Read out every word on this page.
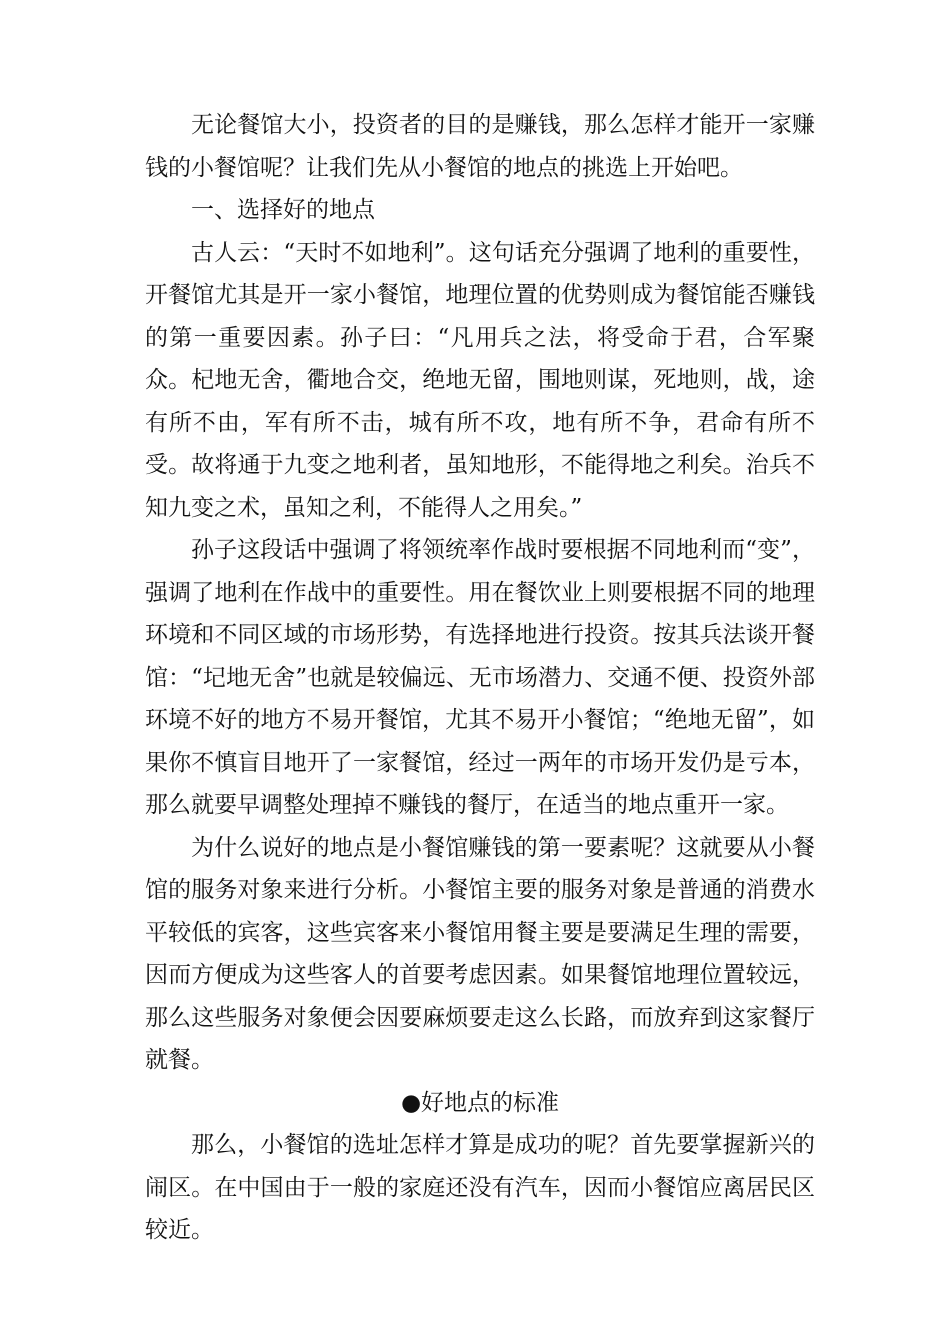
无论餐馆大小，投资者的目的是赚钱，那么怎样才能开一家赚钱的小餐馆呢？让我们先从小餐馆的地点的挑选上开始吧。

一、选择好的地点

古人云：“天时不如地利”。这句话充分强调了地利的重要性，开餐馆尤其是开一家小餐馆，地理位置的优势则成为餐馆能否赚钱的第一重要因素。孙子曰：“凡用兵之法，将受命于君，合军聚众。杞地无舍，衢地合交，绝地无留，围地则谋，死地则，战，途有所不由，军有所不击，城有所不攻，地有所不争，君命有所不受。故将通于九变之地利者，虽知地形，不能得地之利矣。治兵不知九变之术，虽知之利，不能得人之用矣。”

孙子这段话中强调了将领统率作战时要根据不同地利而“变”，强调了地利在作战中的重要性。用在餐饮业上则要根据不同的地理环境和不同区域的市场形势，有选择地进行投资。按其兵法谈开餐馆：“圮地无舍”也就是较偏远、无市场潜力、交通不便、投资外部环境不好的地方不易开餐馆，尤其不易开小餐馆；“绝地无留”，如果你不慎盲目地开了一家餐馆，经过一两年的市场开发仍是亏本，那么就要早调整处理掉不赚钱的餐厅，在适当的地点重开一家。

为什么说好的地点是小餐馆赚钱的第一要素呢？这就要从小餐馆的服务对象来进行分析。小餐馆主要的服务对象是普通的消费水平较低的宾客，这些宾客来小餐馆用餐主要是要满足生理的需要，因而方便成为这些客人的首要考虑因素。如果餐馆地理位置较远，那么这些服务对象便会因要麻烦要走这么长路，而放弃到这家餐厅就餐。

●好地点的标准

那么，小餐馆的选址怎样才算是成功的呢？首先要掌握新兴的闹区。在中国由于一般的家庭还没有汽车，因而小餐馆应离居民区较近。
